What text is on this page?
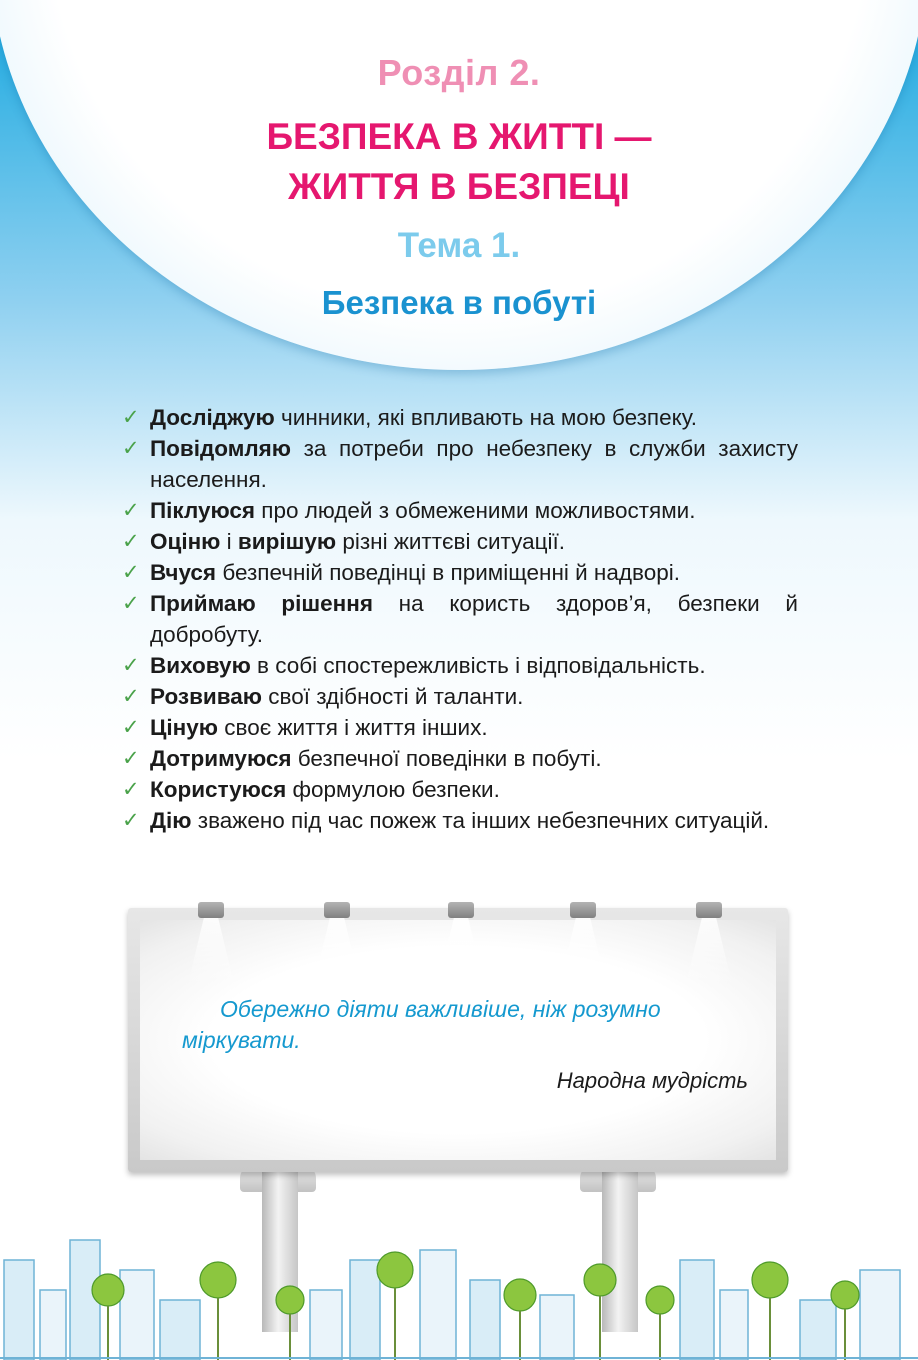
Розділ 2.
БЕЗПЕКА В ЖИТТІ —
ЖИТТЯ В БЕЗПЕЦІ
Тема 1.
Безпека в побуті
✓ Досліджую чинники, які впливають на мою безпеку.
✓ Повідомляю за потреби про небезпеку в служби захисту населення.
✓ Піклуюся про людей з обмеженими можливостями.
✓ Оціню і вирішую різні життєві ситуації.
✓ Вчуся безпечній поведінці в приміщенні й надворі.
✓ Приймаю рішення на користь здоров’я, безпеки й добробуту.
✓ Виховую в собі спостережливість і відповідальність.
✓ Розвиваю свої здібності й таланти.
✓ Ціную своє життя і життя інших.
✓ Дотримуюся безпечної поведінки в побуті.
✓ Користуюся формулою безпеки.
✓ Дію зважено під час пожеж та інших небезпечних ситуацій.
Обережно діяти важливіше, ніж розумно міркувати.
Народна мудрість
